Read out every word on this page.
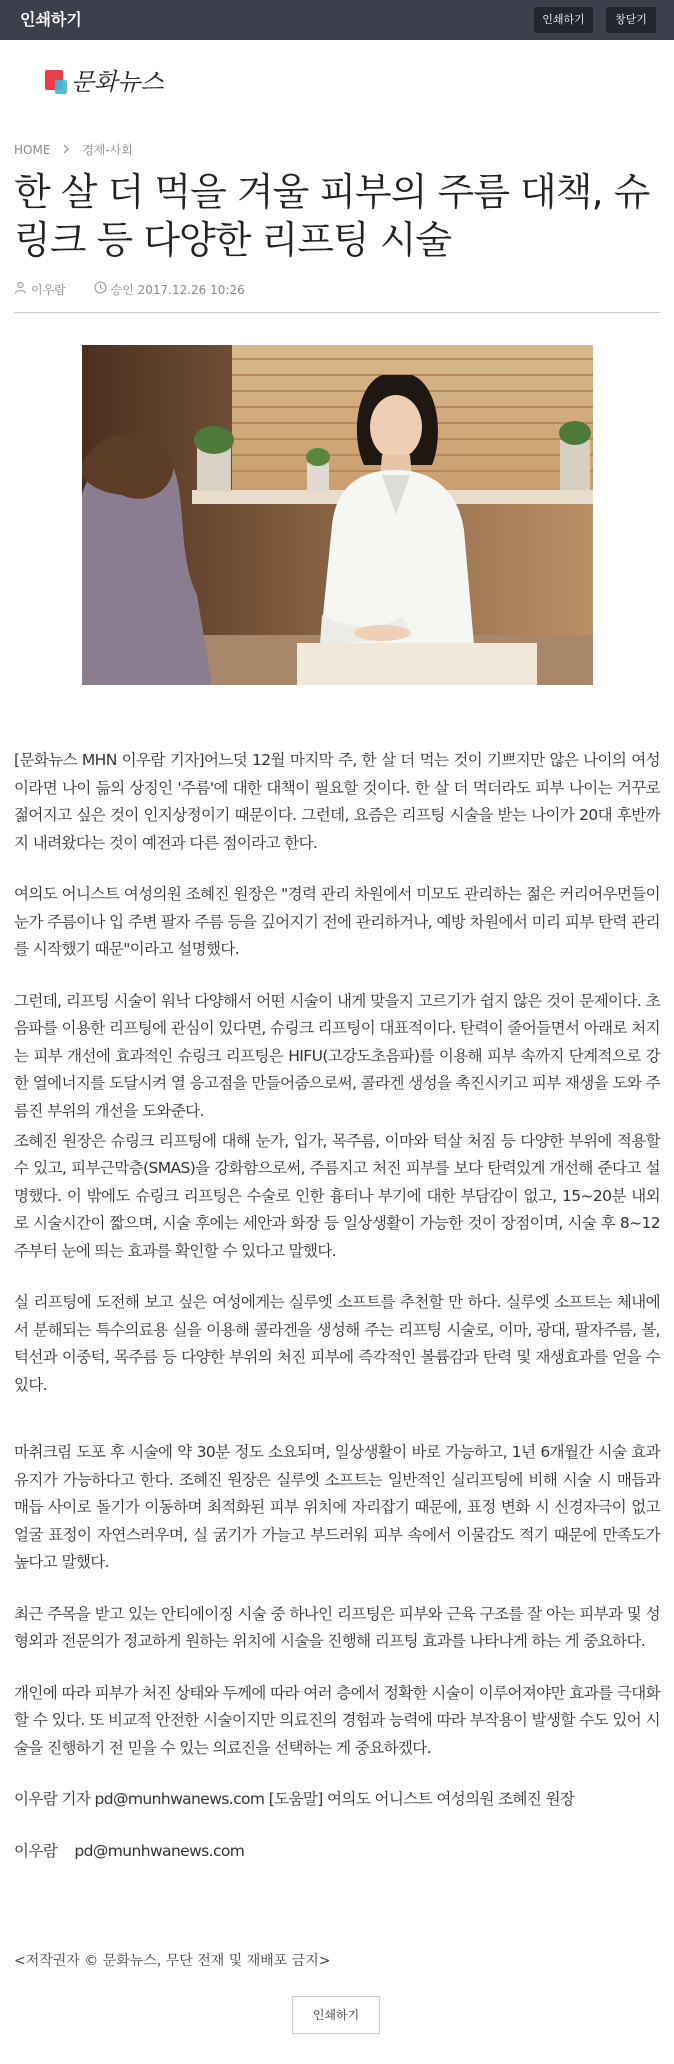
인쇄하기	인쇄하기	창닫기
문화뉴스
HOME	경제-사회
한 살 더 먹을 겨울 피부의 주름 대책, 슈링크 등 다양한 리프팅 시술
이우람	승인 2017.12.26 10:26

[문화뉴스 MHN 이우람 기자]어느덧 12월 마지막 주, 한 살 더 먹는 것이 기쁘지만 않은 나이의 여성이라면 나이 듦의 상징인 '주름'에 대한 대책이 필요할 것이다. 한 살 더 먹더라도 피부 나이는 거꾸로 젊어지고 싶은 것이 인지상정이기 때문이다. 그런데, 요즘은 리프팅 시술을 받는 나이가 20대 후반까지 내려왔다는 것이 예전과 다른 점이라고 한다.

여의도 어니스트 여성의원 조혜진 원장은 "경력 관리 차원에서 미모도 관리하는 젊은 커리어우먼들이 눈가 주름이나 입 주변 팔자 주름 등을 깊어지기 전에 관리하거나, 예방 차원에서 미리 피부 탄력 관리를 시작했기 때문"이라고 설명했다.

그런데, 리프팅 시술이 워낙 다양해서 어떤 시술이 내게 맞을지 고르기가 쉽지 않은 것이 문제이다. 초음파를 이용한 리프팅에 관심이 있다면, 슈링크 리프팅이 대표적이다. 탄력이 줄어들면서 아래로 처지는 피부 개선에 효과적인 슈링크 리프팅은 HIFU(고강도초음파)를 이용해 피부 속까지 단계적으로 강한 열에너지를 도달시켜 열 응고점을 만들어줌으로써, 콜라겐 생성을 촉진시키고 피부 재생을 도와 주름진 부위의 개선을 도와준다.

조혜진 원장은 슈링크 리프팅에 대해 눈가, 입가, 목주름, 이마와 턱살 처짐 등 다양한 부위에 적용할 수 있고, 피부근막층(SMAS)을 강화함으로써, 주름지고 처진 피부를 보다 탄력있게 개선해 준다고 설명했다. 이 밖에도 슈링크 리프팅은 수술로 인한 흉터나 부기에 대한 부담감이 없고, 15~20분 내외로 시술시간이 짧으며, 시술 후에는 세안과 화장 등 일상생활이 가능한 것이 장점이며, 시술 후 8~12주부터 눈에 띄는 효과를 확인할 수 있다고 말했다.

실 리프팅에 도전해 보고 싶은 여성에게는 실루엣 소프트를 추천할 만 하다. 실루엣 소프트는 체내에서 분해되는 특수의료용 실을 이용해 콜라겐을 생성해 주는 리프팅 시술로, 이마, 광대, 팔자주름, 볼, 턱선과 이중턱, 목주름 등 다양한 부위의 처진 피부에 즉각적인 볼륨감과 탄력 및 재생효과를 얻을 수 있다.

마취크림 도포 후 시술에 약 30분 정도 소요되며, 일상생활이 바로 가능하고, 1년 6개월간 시술 효과 유지가 가능하다고 한다. 조혜진 원장은 실루엣 소프트는 일반적인 실리프팅에 비해 시술 시 매듭과 매듭 사이로 돌기가 이동하며 최적화된 피부 위치에 자리잡기 때문에, 표정 변화 시 신경자극이 없고 얼굴 표정이 자연스러우며, 실 굵기가 가늘고 부드러워 피부 속에서 이물감도 적기 때문에 만족도가 높다고 말했다.

최근 주목을 받고 있는 안티에이징 시술 중 하나인 리프팅은 피부와 근육 구조를 잘 아는 피부과 및 성형외과 전문의가 정교하게 원하는 위치에 시술을 진행해 리프팅 효과를 나타나게 하는 게 중요하다.

개인에 따라 피부가 처진 상태와 두께에 따라 여러 층에서 정확한 시술이 이루어져야만 효과를 극대화할 수 있다. 또 비교적 안전한 시술이지만 의료진의 경험과 능력에 따라 부작용이 발생할 수도 있어 시술을 진행하기 전 믿을 수 있는 의료진을 선택하는 게 중요하겠다.

이우람 기자 pd@munhwanews.com [도움말] 여의도 어니스트 여성의원 조혜진 원장

이우람    pd@munhwanews.com

<저작권자 © 문화뉴스, 무단 전재 및 재배포 금지>
인쇄하기
